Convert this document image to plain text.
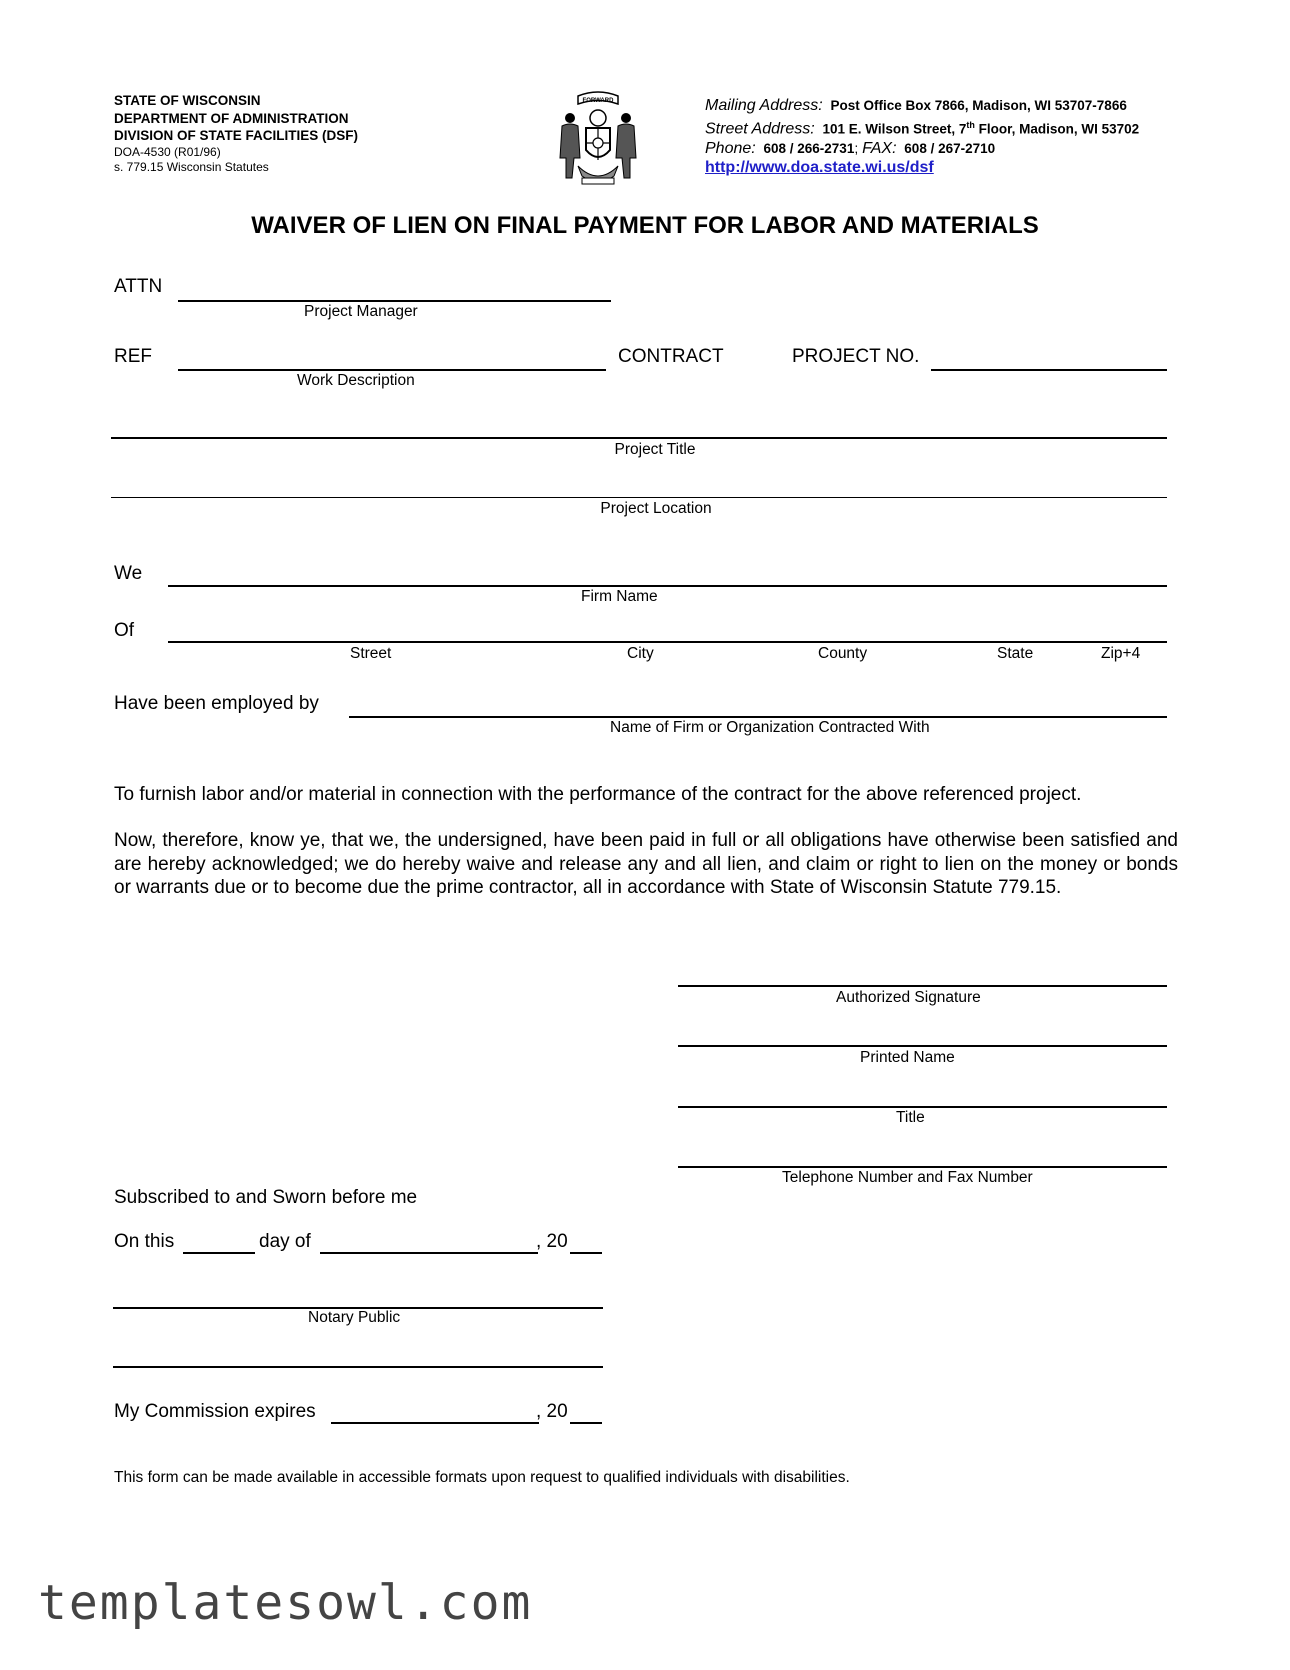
STATE OF WISCONSIN
DEPARTMENT OF ADMINISTRATION
DIVISION OF STATE FACILITIES (DSF)
DOA-4530 (R01/96)
s. 779.15 Wisconsin Statutes
FORWARD	Mailing Address: Post Office Box 7866, Madison, WI 53707-7866
Street Address: 101 E. Wilson Street, 7th Floor, Madison, WI 53702
Phone: 608 / 266-2731; FAX: 608 / 267-2710
http://www.doa.state.wi.us/dsf
WAIVER OF LIEN ON FINAL PAYMENT FOR LABOR AND MATERIALS
ATTN
Project Manager
REF
Work Description
CONTRACT	PROJECT NO.
Project Title
Project Location
We
Firm Name
Of
Street	City	County	State	Zip+4
Have been employed by
Name of Firm or Organization Contracted With
To furnish labor and/or material in connection with the performance of the contract for the above referenced project.
Now, therefore, know ye, that we, the undersigned, have been paid in full or all obligations have otherwise been satisfied and are hereby acknowledged; we do hereby waive and release any and all lien, and claim or right to lien on the money or bonds or warrants due or to become due the prime contractor, all in accordance with State of Wisconsin Statute 779.15.
Authorized Signature
Printed Name
Title
Telephone Number and Fax Number
Subscribed to and Sworn before me
On this	day of	, 20
Notary Public
My Commission expires	, 20
This form can be made available in accessible formats upon request to qualified individuals with disabilities.
templatesowl.com
